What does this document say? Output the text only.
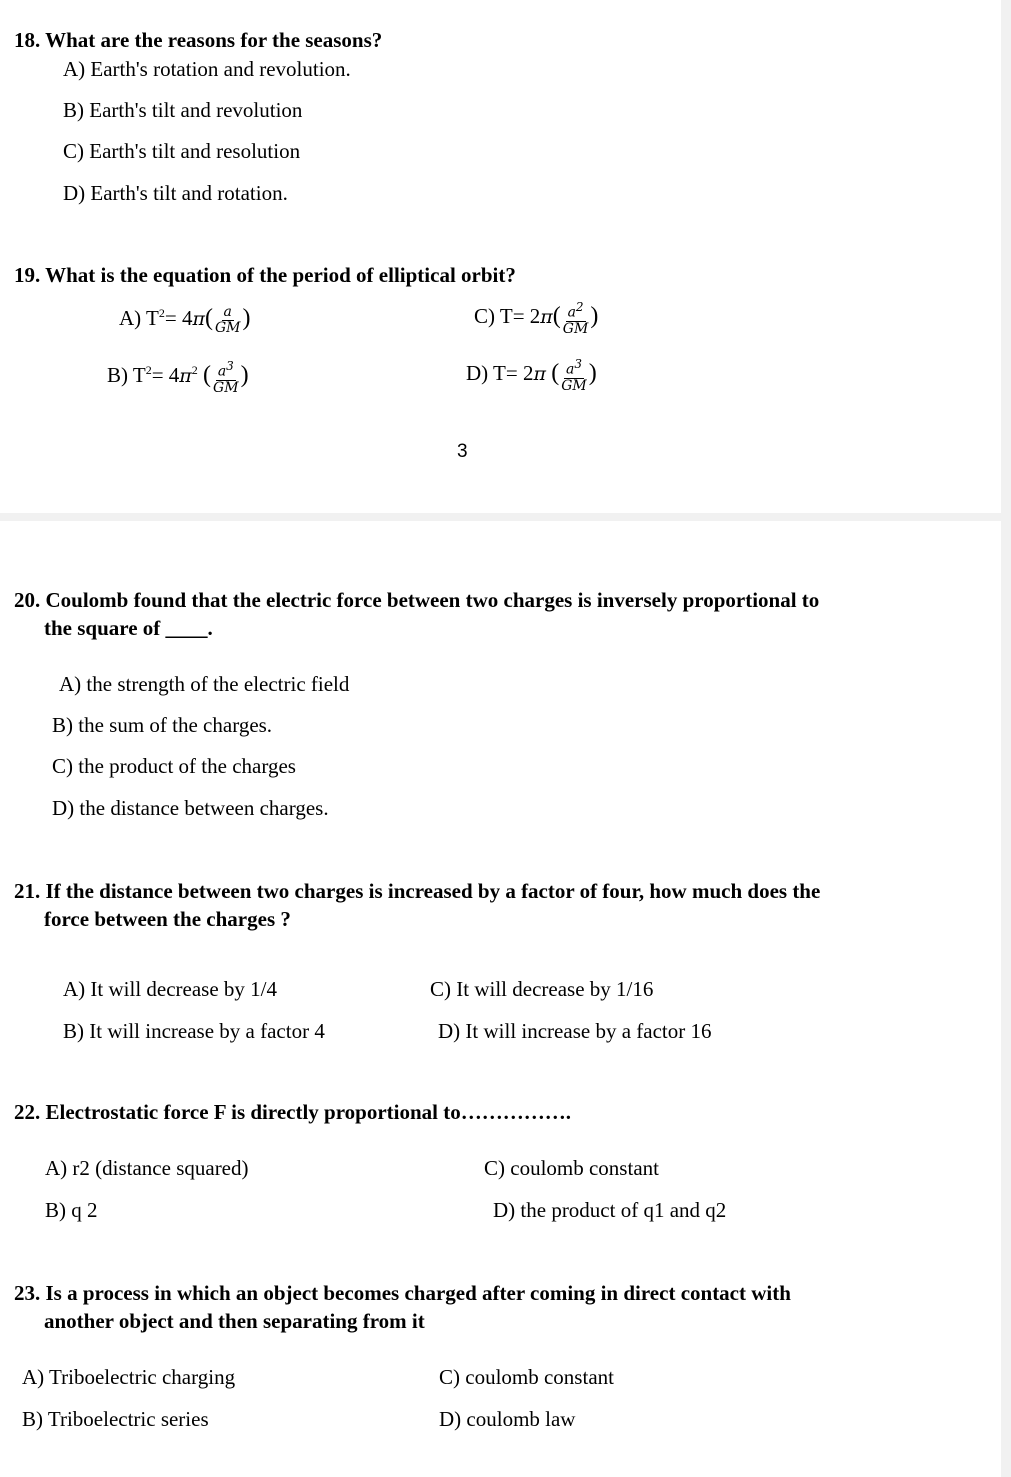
18. What are the reasons for the seasons?
A) Earth's rotation and revolution.
B) Earth's tilt and revolution
C) Earth's tilt and resolution
D) Earth's tilt and rotation.
19. What is the equation of the period of elliptical orbit?
A) $T^2= 4\pi( \frac{a}{GM}$ )	C) $T= 2\pi( \frac{a^2}{GM}$ )
B) $T^2= 4\pi^2$ ( $\frac{a^3}{GM}$ )	D) T= 2π ( $\frac{a^3}{GM}$ )
3
20. Coulomb found that the electric force between two charges is inversely proportional to
the square of ____.
A) the strength of the electric field
B) the sum of the charges.
C) the product of the charges
D) the distance between charges.
21. If the distance between two charges is increased by a factor of four, how much does the
force between the charges ?
A) It will decrease by 1/4	C) It will decrease by 1/16
B) It will increase by a factor 4	D) It will increase by a factor 16
22. Electrostatic force F is directly proportional to…………….
A) r2 (distance squared)	C) coulomb constant
B) q 2	D) the product of q1 and q2
23. Is a process in which an object becomes charged after coming in direct contact with
another object and then separating from it
A) Triboelectric charging	C) coulomb constant
B) Triboelectric series	D) coulomb law
